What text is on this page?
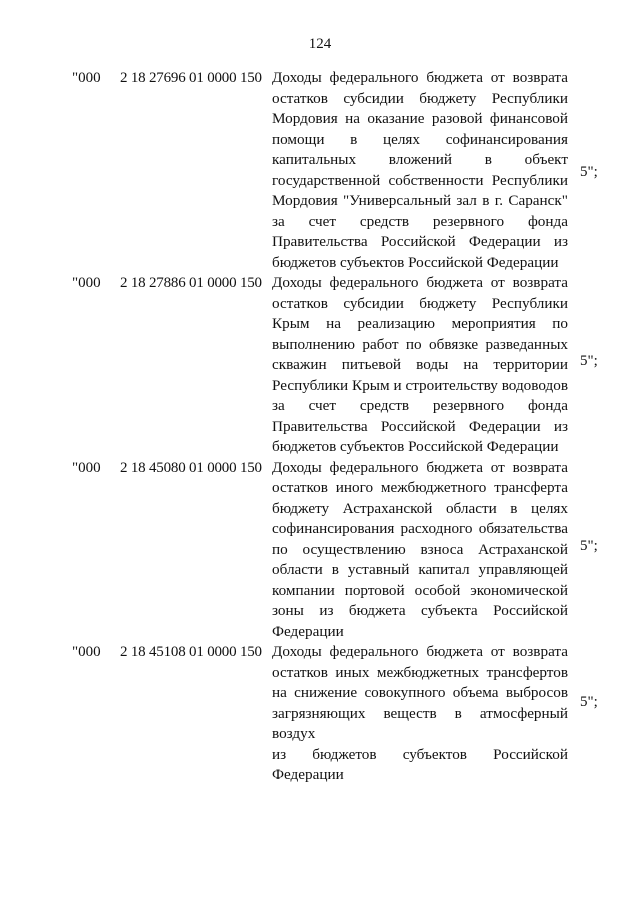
124
"000 2 18 27696 01 0000 150 Доходы федерального бюджета от возврата
остатков субсидии бюджету Республики
Мордовия на оказание разовой финансовой
помощи в целях софинансирования
капитальных вложений в объект
государственной собственности Республики
Мордовия "Универсальный зал в г. Саранск"
за счет средств резервного фонда
Правительства Российской Федерации из
бюджетов субъектов Российской Федерации
5";
"000 2 18 27886 01 0000 150 Доходы федерального бюджета от возврата
остатков субсидии бюджету Республики
Крым на реализацию мероприятия по
выполнению работ по обвязке разведанных
скважин питьевой воды на территории
Республики Крым и строительству водоводов
за счет средств резервного фонда
Правительства Российской Федерации из
бюджетов субъектов Российской Федерации
5";
"000 2 18 45080 01 0000 150 Доходы федерального бюджета от возврата
остатков иного межбюджетного трансферта
бюджету Астраханской области в целях
софинансирования расходного обязательства
по осуществлению взноса Астраханской
области в уставный капитал управляющей
компании портовой особой экономической
зоны из бюджета субъекта Российской
Федерации
5";
"000 2 18 45108 01 0000 150 Доходы федерального бюджета от возврата
остатков иных межбюджетных трансфертов
на снижение совокупного объема выбросов
загрязняющих веществ в атмосферный воздух
из бюджетов субъектов Российской
Федерации
5";
